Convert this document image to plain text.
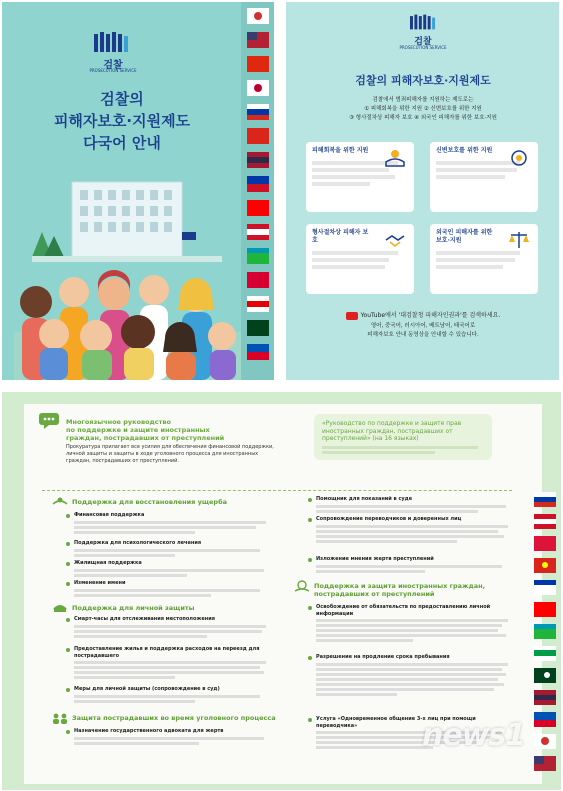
검찰
PROSECUTION SERVICE
검찰의
피해자보호·지원제도
다국어 안내
검찰
PROSECUTION SERVICE
검찰의 피해자보호·지원제도
검찰에서 범죄피해자를 지원하는 제도로는
① 피해회복을 위한 지원 ② 신변보호를 위한 지원
③ 형사절차상 피해자 보호 ④ 외국인 피해자를 위한 보호·지원
피해회복을 위한 지원	신변보호를 위한 지원
형사절차상 피해자 보호
외국인 피해자를 위한 보호·지원
YouTube에서 '대검찰청 피해자인권과'를 검색하세요.
영어, 중국어, 러시아어, 베트남어, 태국어로
피해자보호 안내 동영상을 안내할 수 있습니다.
Многоязычное руководство
по поддержке и защите иностранных
граждан, пострадавших от преступлений
Прокуратура прилагает все усилия для обеспечения финансовой поддержки, личной защиты и защиты в ходе уголовного процесса для иностранных граждан, пострадавших от преступлений.
«Руководство по поддержке и защите прав иностранных граждан, пострадавших от преступлений» (на 16 языках)
Поддержка для восстановления ущерба
Финансовая поддержка
Поддержка для психологического лечения
Жилищная поддержка
Изменение имени
Поддержка для личной защиты
Смарт-часы для отслеживания местоположения
Предоставление жилья и поддержка расходов на переезд для пострадавшего
Меры для личной защиты (сопровождение в суд)
Защита пострадавших во время уголовного процесса
Назначение государственного адвоката для жертв
Помощник для показаний в суде
Сопровождение переводчиков и доверенных лиц
Изложение мнения жертв преступлений
Поддержка и защита иностранных граждан, пострадавших от преступлений
Освобождение от обязательств по предоставлению личной информации
Разрешение на продление срока пребывания
Услуга «Одновременное общение 3-х лиц при помощи переводчика»	news1
